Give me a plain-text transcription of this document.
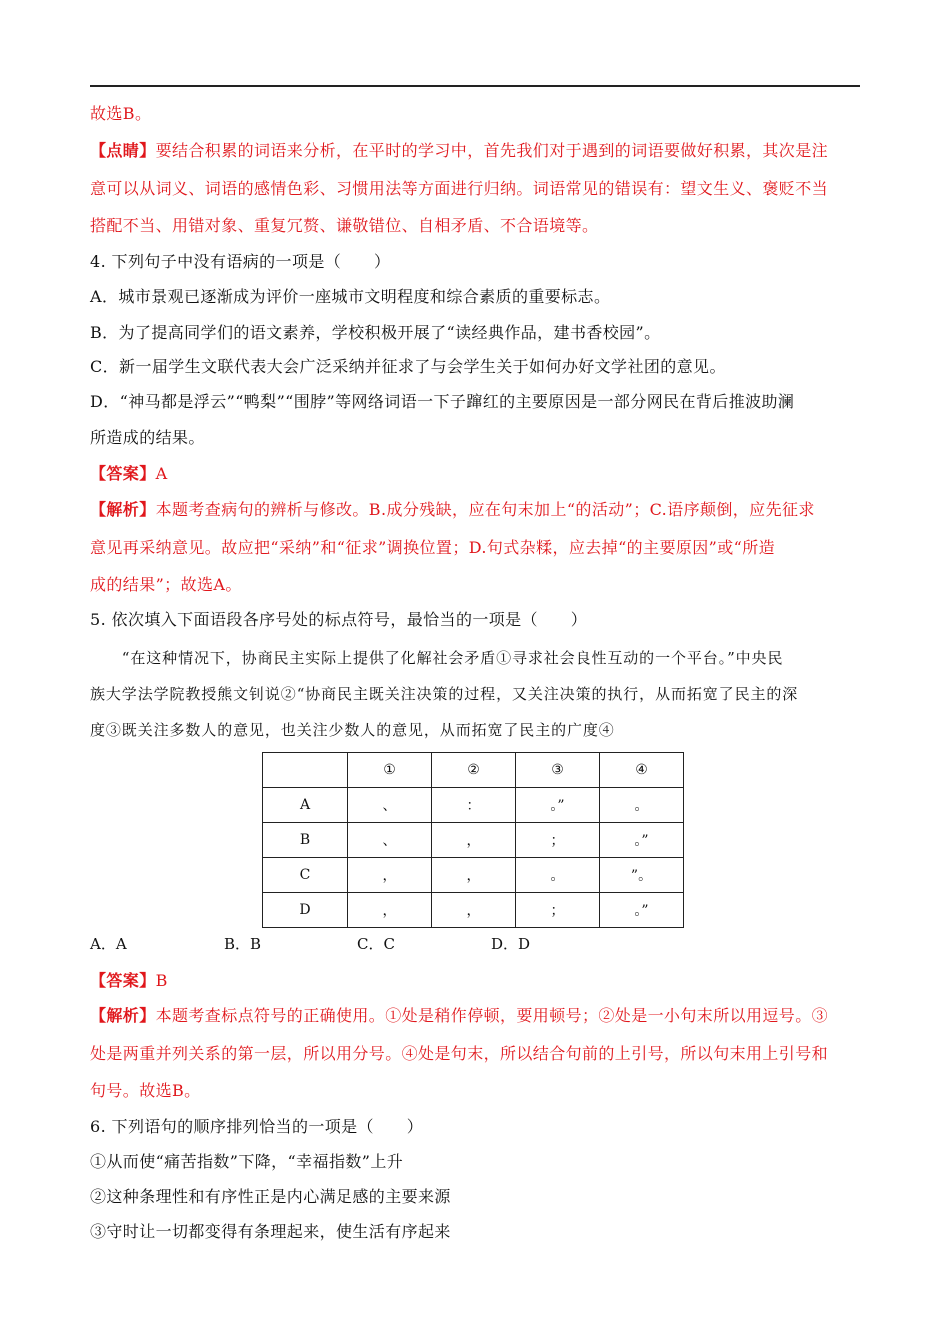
故选B。
【点睛】要结合积累的词语来分析，在平时的学习中，首先我们对于遇到的词语要做好积累，其次是注
意可以从词义、词语的感情色彩、习惯用法等方面进行归纳。词语常见的错误有：望文生义、褒贬不当
搭配不当、用错对象、重复冗赘、谦敬错位、自相矛盾、不合语境等。
4. 下列句子中没有语病的一项是（　　）
A．城市景观已逐渐成为评价一座城市文明程度和综合素质的重要标志。
B．为了提高同学们的语文素养，学校积极开展了“读经典作品，建书香校园”。
C．新一届学生文联代表大会广泛采纳并征求了与会学生关于如何办好文学社团的意见。
D．“神马都是浮云”“鸭梨”“围脖”等网络词语一下子蹿红的主要原因是一部分网民在背后推波助澜
所造成的结果。
【答案】A
【解析】本题考查病句的辨析与修改。B.成分残缺，应在句末加上“的活动”；C.语序颠倒，应先征求
意见再采纳意见。故应把“采纳”和“征求”调换位置；D.句式杂糅，应去掉“的主要原因”或“所造
成的结果”；故选A。
5. 依次填入下面语段各序号处的标点符号，最恰当的一项是（　　）
　　“在这种情况下，协商民主实际上提供了化解社会矛盾①寻求社会良性互动的一个平台。”中央民
族大学法学院教授熊文钊说②“协商民主既关注决策的过程，又关注决策的执行，从而拓宽了民主的深
度③既关注多数人的意见，也关注少数人的意见，从而拓宽了民主的广度④
	①	②	③	④
A	、	：	。”	。
B	、	，	；	。”
C	，	，	。	”。
D	，	，	；	。”
A．A	B．B	C．C	D．D
【答案】B
【解析】本题考查标点符号的正确使用。①处是稍作停顿，要用顿号；②处是一小句末所以用逗号。③
处是两重并列关系的第一层，所以用分号。④处是句末，所以结合句前的上引号，所以句末用上引号和
句号。故选B。
6. 下列语句的顺序排列恰当的一项是（　　）
①从而使“痛苦指数”下降，“幸福指数”上升
②这种条理性和有序性正是内心满足感的主要来源
③守时让一切都变得有条理起来，使生活有序起来
